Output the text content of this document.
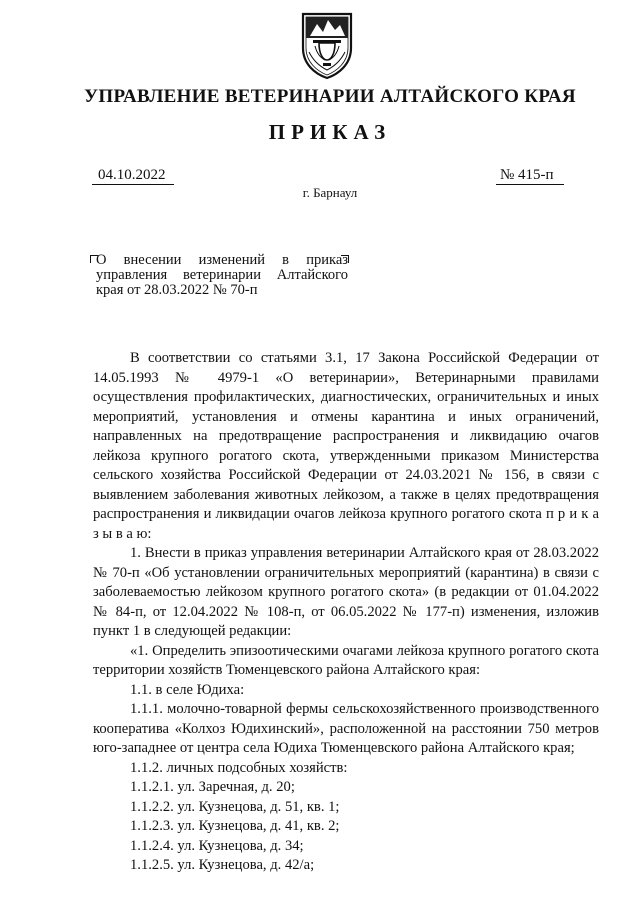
УПРАВЛЕНИЕ ВЕТЕРИНАРИИ АЛТАЙСКОГО КРАЯ
ПРИКАЗ
04.10.2022	№ 415-п
г. Барнаул
О внесении изменений в приказ управления ветеринарии Алтайского края от 28.03.2022 № 70-п

В соответствии со статьями 3.1, 17 Закона Российской Федерации от 14.05.1993 № 4979-1 «О ветеринарии», Ветеринарными правилами осуществления профилактических, диагностических, ограничительных и иных мероприятий, установления и отмены карантина и иных ограничений, направленных на предотвращение распространения и ликвидацию очагов лейкоза крупного рогатого скота, утвержденными приказом Министерства сельского хозяйства Российской Федерации от 24.03.2021 № 156, в связи с выявлением заболевания животных лейкозом, а также в целях предотвращения распространения и ликвидации очагов лейкоза крупного рогатого скота п р и к а з ы в а ю:

1. Внести в приказ управления ветеринарии Алтайского края от 28.03.2022 № 70-п «Об установлении ограничительных мероприятий (карантина) в связи с заболеваемостью лейкозом крупного рогатого скота» (в редакции от 01.04.2022 № 84-п, от 12.04.2022 № 108-п, от 06.05.2022 № 177-п) изменения, изложив пункт 1 в следующей редакции:

«1. Определить эпизоотическими очагами лейкоза крупного рогатого скота территории хозяйств Тюменцевского района Алтайского края:

1.1. в селе Юдиха:

1.1.1. молочно-товарной фермы сельскохозяйственного производственного кооператива «Колхоз Юдихинский», расположенной на расстоянии 750 метров юго-западнее от центра села Юдиха Тюменцевского района Алтайского края;

1.1.2. личных подсобных хозяйств:

1.1.2.1. ул. Заречная, д. 20;

1.1.2.2. ул. Кузнецова, д. 51, кв. 1;

1.1.2.3. ул. Кузнецова, д. 41, кв. 2;

1.1.2.4. ул. Кузнецова, д. 34;

1.1.2.5. ул. Кузнецова, д. 42/а;
